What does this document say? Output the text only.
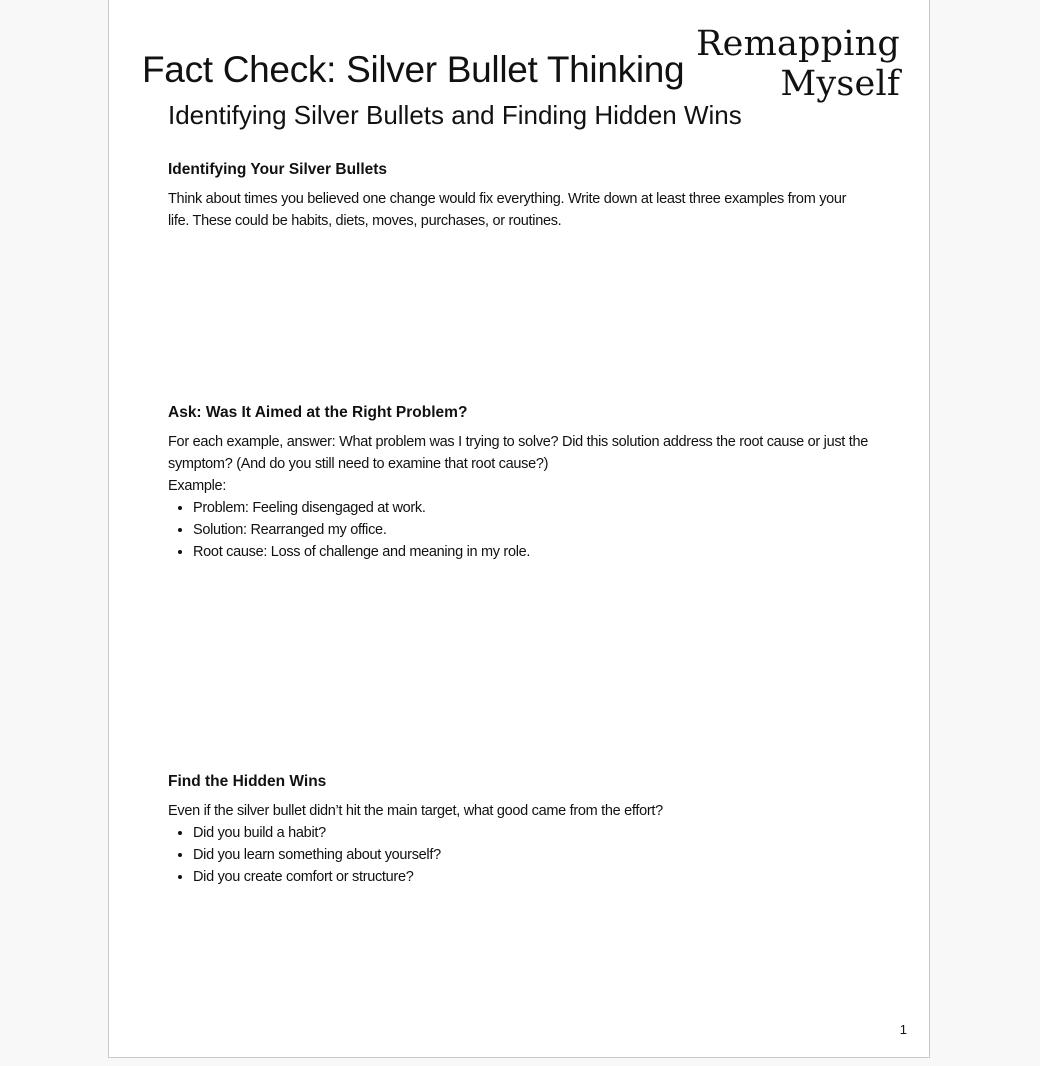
Fact Check: Silver Bullet Thinking
Remapping
Myself
Identifying Silver Bullets and Finding Hidden Wins
Identifying Your Silver Bullets

Think about times you believed one change would fix everything. Write down at least three examples from your life. These could be habits, diets, moves, purchases, or routines.

Ask: Was It Aimed at the Right Problem?

For each example, answer: What problem was I trying to solve? Did this solution address the root cause or just the symptom? (And do you still need to examine that root cause?)

Example:

• Problem: Feeling disengaged at work.
• Solution: Rearranged my office.
• Root cause: Loss of challenge and meaning in my role.
Find the Hidden Wins

Even if the silver bullet didn’t hit the main target, what good came from the effort?

• Did you build a habit?
• Did you learn something about yourself?
• Did you create comfort or structure?
1
